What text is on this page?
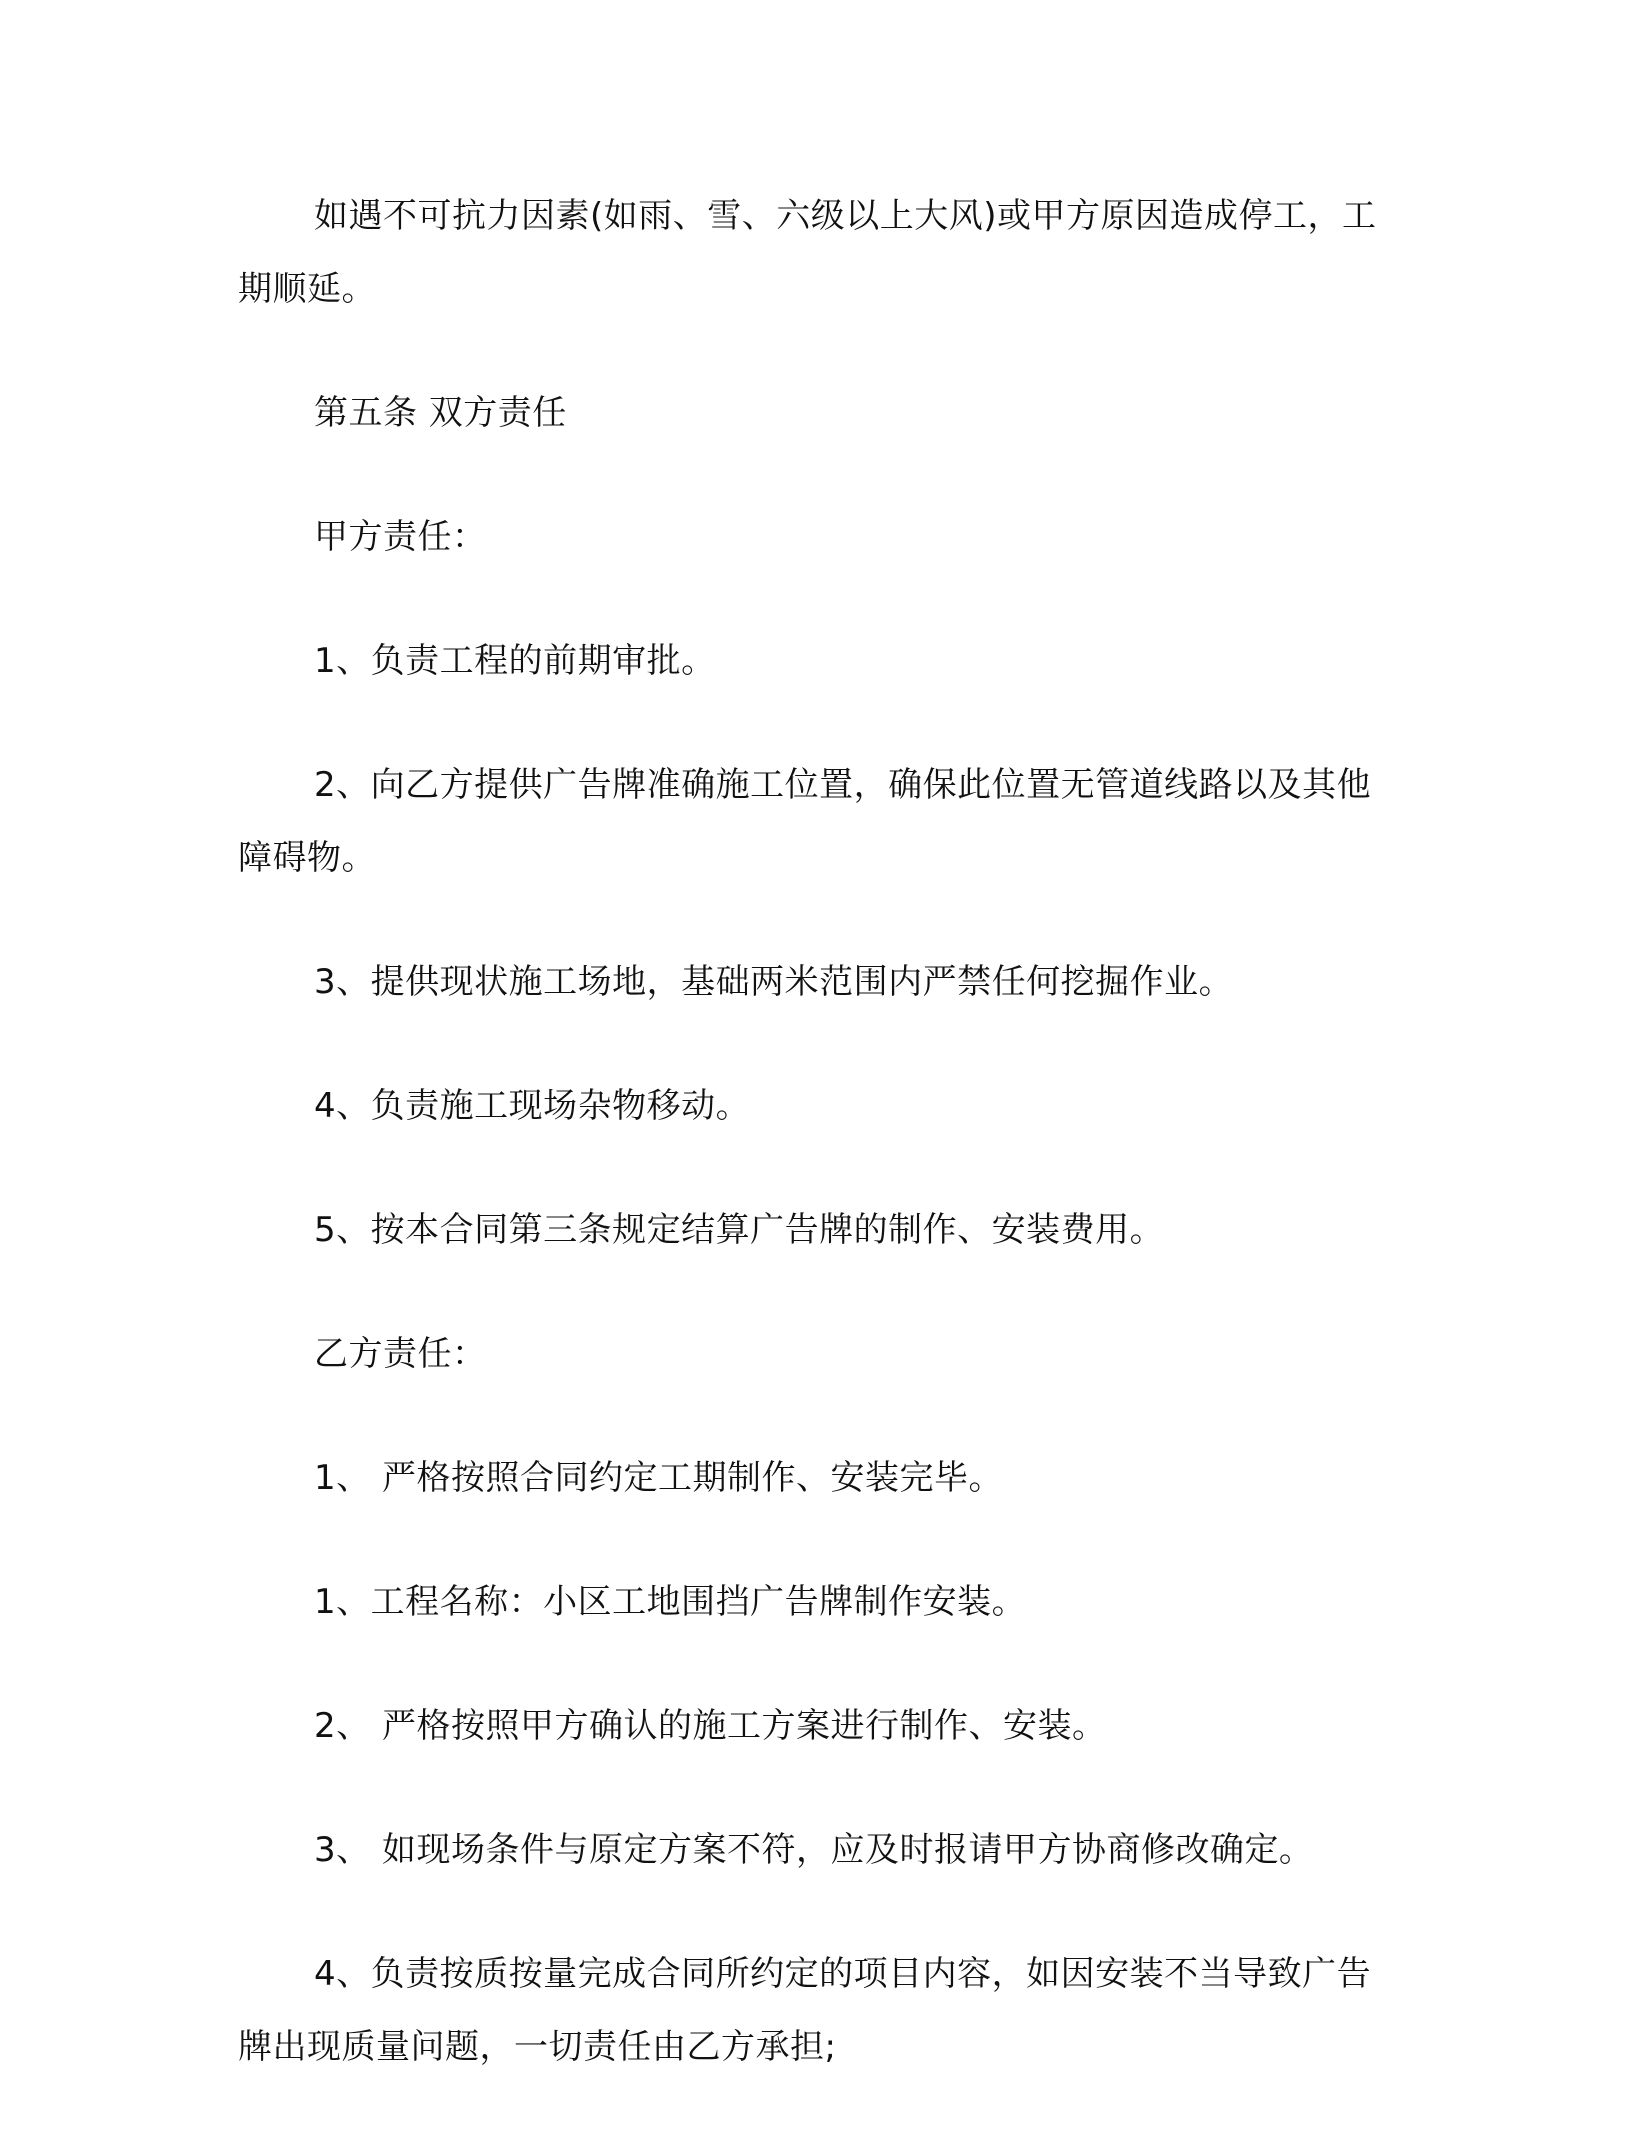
如遇不可抗力因素(如雨、雪、六级以上大风)或甲方原因造成停工，工期顺延。

第五条 双方责任

甲方责任：

1、负责工程的前期审批。

2、向乙方提供广告牌准确施工位置，确保此位置无管道线路以及其他障碍物。

3、提供现状施工场地，基础两米范围内严禁任何挖掘作业。

4、负责施工现场杂物移动。

5、按本合同第三条规定结算广告牌的制作、安装费用。

乙方责任：

1、 严格按照合同约定工期制作、安装完毕。

1、工程名称：小区工地围挡广告牌制作安装。

2、 严格按照甲方确认的施工方案进行制作、安装。

3、 如现场条件与原定方案不符，应及时报请甲方协商修改确定。

4、负责按质按量完成合同所约定的项目内容，如因安装不当导致广告牌出现质量问题，一切责任由乙方承担;
